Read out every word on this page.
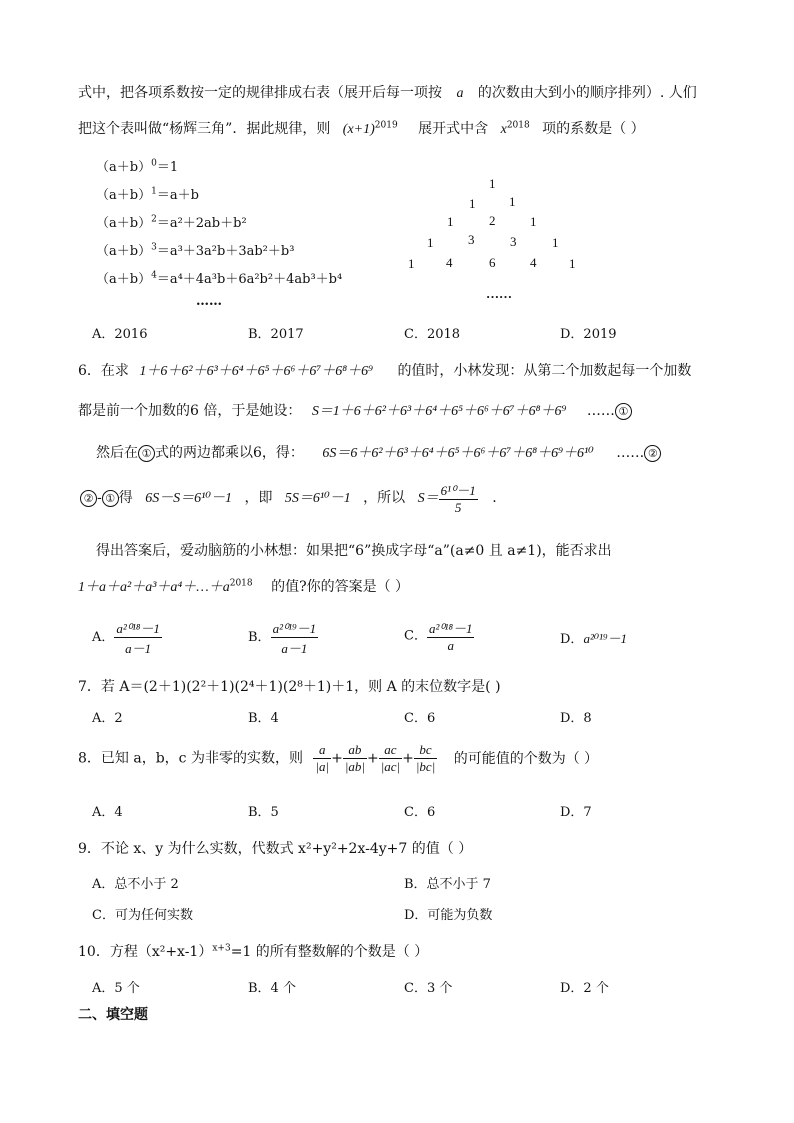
式中，把各项系数按一定的规律排成右表（展开后每一项按 a 的次数由大到小的顺序排列）. 人们
把这个表叫做“杨辉三角”．据此规律，则 $(x+1)^{2019}$ 展开式中含 $x^{2018}$ 项的系数是（ ）
$(a+b)^0=1$
$(a+b)^1=a+b$
$(a+b)^2=a^2+2ab+b^2$
$(a+b)^3=a^3+3a^2b+3ab^2+b^3$
$(a+b)^4=a^4+4a^3b+6a^2b^2+4ab^3+b^4$
……
1
1	1
1	2	1
1	3	3	1
1 4	6	4	1
……
A．2016	B．2017	C．2018	D．2019
6．在求 1＋6＋6²＋6³＋6⁴＋6⁵＋6⁶＋6⁷＋6⁸＋6⁹ 的值时，小林发现：从第二个加数起每一个加数
都是前一个加数的6 倍，于是她设： S＝1＋6＋6²＋6³＋6⁴＋6⁵＋6⁶＋6⁷＋6⁸＋6⁹ …… ①
然后在 ① 式的两边都乘以6，得： 6S＝6＋6²＋6³＋6⁴＋6⁵＋6⁶＋6⁷＋6⁸＋6⁹＋6¹⁰ …… ②
② - ① 得 6S－S＝6¹⁰－1 ，即 5S＝6¹⁰－1 ，所以 $S= \frac{\text{6¹⁰－1}}{5}$ .
得出答案后，爱动脑筋的小林想：如果把“6”换成字母“a”(a≠0 且 a≠1)，能否求出
$1+a+a^2+a^3+a^4+\dots+a^{2018}$ 的值?你的答案是（ ）
A． $\frac{\text{a²⁰¹⁸－1}}{a-1}$	B． $\frac{\text{a²⁰¹⁹－1}}{a-1}$	C． $\frac{\text{a²⁰¹⁸－1}}{a}$	D．a²⁰¹⁹－1
7．若 A＝(2＋1)(2²＋1)(2⁴＋1)(2⁸＋1)＋1，则 A 的末位数字是( )
A．2	B．4	C．6	D．8
8．已知 a，b，c 为非零的实数，则 $\frac{a}{|a|} + \frac{ab}{|ab|} + \frac{ac}{|ac|} + \frac{bc}{|bc|}$ 的可能值的个数为（ ）
A．4	B．5	C．6	D．7
9．不论 x、y 为什么实数，代数式 x²+y²+2x-4y+7 的值（ ）
A．总不小于 2	B．总不小于 7
C．可为任何实数	D．可能为负数
10．方程$(x^2+x-1)^{x+3}=1$ 的所有整数解的个数是（ ）
A．5 个	B．4 个	C．3 个	D．2 个
二、填空题
